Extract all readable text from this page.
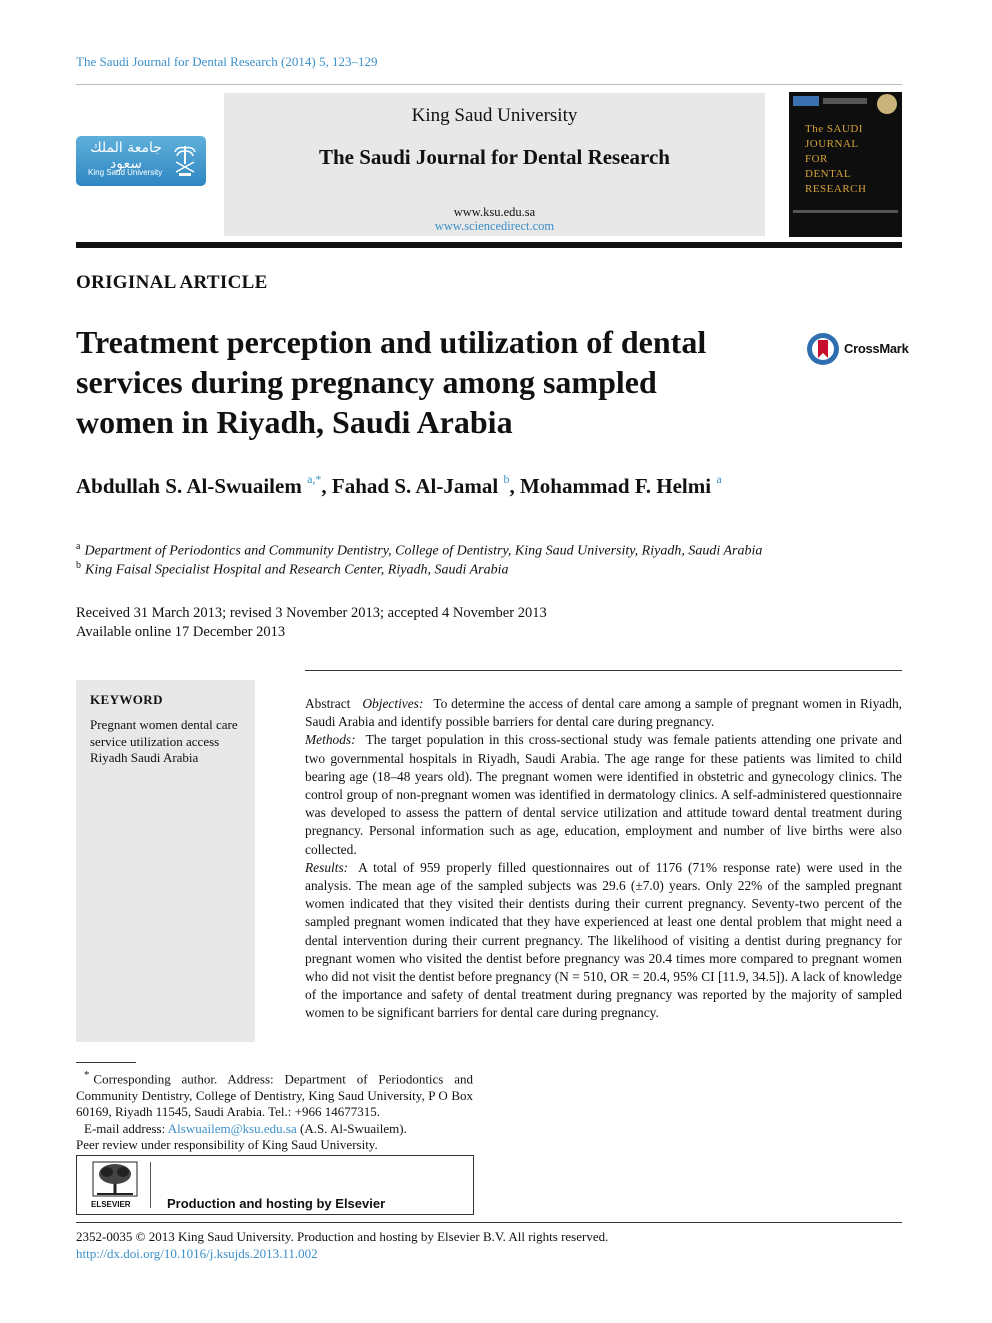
The Saudi Journal for Dental Research (2014) 5, 123–129
جامعة الملك سعود
King Saud University
King Saud University
The Saudi Journal for Dental Research
www.ksu.edu.sa
www.sciencedirect.com
The SAUDI
JOURNAL
FOR
DENTAL
RESEARCH
ORIGINAL ARTICLE
Treatment perception and utilization of dental services during pregnancy among sampled women in Riyadh, Saudi Arabia
CrossMark
Abdullah S. Al-Swuailem $^{a,*}$, Fahad S. Al-Jamal $^b$, Mohammad F. Helmi $^a$
$^a$ Department of Periodontics and Community Dentistry, College of Dentistry, King Saud University, Riyadh, Saudi Arabia
$^b$ King Faisal Specialist Hospital and Research Center, Riyadh, Saudi Arabia
Received 31 March 2013; revised 3 November 2013; accepted 4 November 2013
Available online 17 December 2013
KEYWORD
Pregnant women dental care service utilization access Riyadh Saudi Arabia

Abstract Objectives: To determine the access of dental care among a sample of pregnant women in Riyadh, Saudi Arabia and identify possible barriers for dental care during pregnancy.

Methods: The target population in this cross-sectional study was female patients attending one private and two governmental hospitals in Riyadh, Saudi Arabia. The age range for these patients was limited to child bearing age (18–48 years old). The pregnant women were identified in obstetric and gynecology clinics. The control group of non-pregnant women was identified in dermatology clinics. A self-administered questionnaire was developed to assess the pattern of dental service utilization and attitude toward dental treatment during pregnancy. Personal information such as age, education, employment and number of live births were also collected.

Results: A total of 959 properly filled questionnaires out of 1176 (71% response rate) were used in the analysis. The mean age of the sampled subjects was 29.6 (±7.0) years. Only 22% of the sampled pregnant women indicated that they visited their dentists during their current pregnancy. Seventy-two percent of the sampled pregnant women indicated that they have experienced at least one dental problem that might need a dental intervention during their current pregnancy. The likelihood of visiting a dentist during pregnancy for pregnant women who visited the dentist before pregnancy was 20.4 times more compared to pregnant women who did not visit the dentist before pregnancy (N = 510, OR = 20.4, 95% CI [11.9, 34.5]). A lack of knowledge of the importance and safety of dental treatment during pregnancy was reported by the majority of sampled women to be significant barriers for dental care during pregnancy.

* Corresponding author. Address: Department of Periodontics and Community Dentistry, College of Dentistry, King Saud University, P O Box 60169, Riyadh 11545, Saudi Arabia. Tel.: +966 14677315.

E-mail address: Alswuailem@ksu.edu.sa (A.S. Al-Swuailem).

Peer review under responsibility of King Saud University.

ELSEVIER	Production and hosting by Elsevier
2352-0035 © 2013 King Saud University. Production and hosting by Elsevier B.V. All rights reserved.
http://dx.doi.org/10.1016/j.ksujds.2013.11.002
